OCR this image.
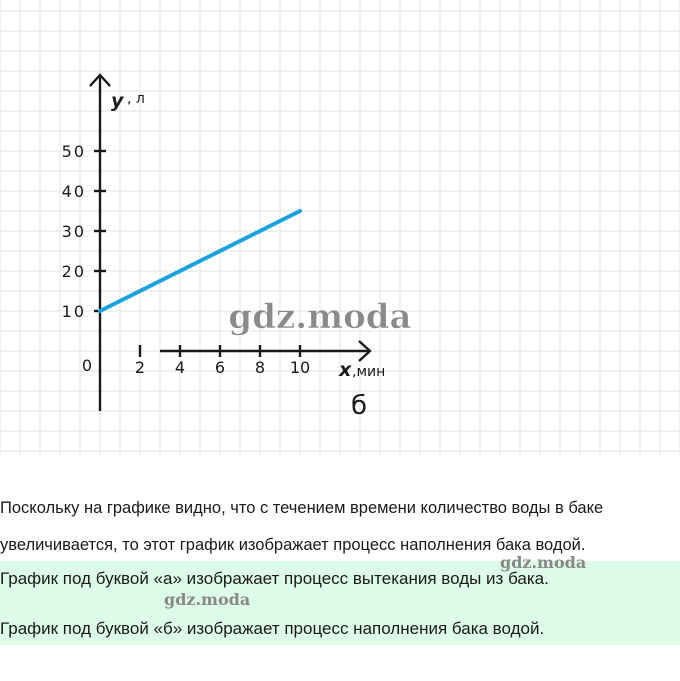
2 4 6 8 10
10
20
30
40
50
0
y , л
x ,мин
б
gdz.moda
Поскольку на графике видно, что с течением времени количество воды в баке
увеличивается, то этот график изображает процесс наполнения бака водой.
График под буквой «а» изображает процесс вытекания воды из бака.
График под буквой «б» изображает процесс наполнения бака водой.
gdz.moda
gdz.moda
